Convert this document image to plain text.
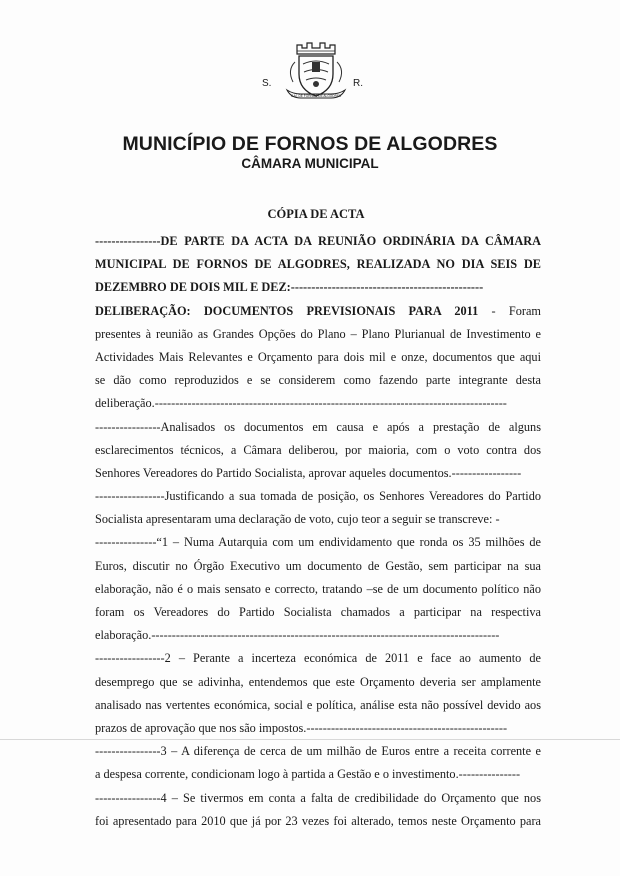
C.M. DE FORNOS DE ALGODRES
S.	R.
MUNICÍPIO DE FORNOS DE ALGODRES
CÂMARA MUNICIPAL
CÓPIA DE ACTA
----------------DE PARTE DA ACTA DA REUNIÃO ORDINÁRIA DA CÂMARA
MUNICIPAL DE FORNOS DE ALGODRES, REALIZADA NO DIA SEIS DE
DEZEMBRO DE DOIS MIL E DEZ:-----------------------------------------------
DELIBERAÇÃO: DOCUMENTOS PREVISIONAIS PARA 2011 - Foram
presentes à reunião as Grandes Opções do Plano – Plano Plurianual de Investimento e
Actividades Mais Relevantes e Orçamento para dois mil e onze, documentos que aqui
se dão como reproduzidos e se considerem como fazendo parte integrante desta
deliberação.--------------------------------------------------------------------------------------
----------------Analisados os documentos em causa e após a prestação de alguns
esclarecimentos técnicos, a Câmara deliberou, por maioria, com o voto contra dos
Senhores Vereadores do Partido Socialista, aprovar aqueles documentos.-----------------
-----------------Justificando a sua tomada de posição, os Senhores Vereadores do Partido
Socialista apresentaram uma declaração de voto, cujo teor a seguir se transcreve: -
---------------“1 – Numa Autarquia com um endividamento que ronda os 35 milhões de
Euros, discutir no Órgão Executivo um documento de Gestão, sem participar na sua
elaboração, não é o mais sensato e correcto, tratando –se de um documento político não
foram os Vereadores do Partido Socialista chamados a participar na respectiva
elaboração.-------------------------------------------------------------------------------------
-----------------2 – Perante a incerteza económica de 2011 e face ao aumento de
desemprego que se adivinha, entendemos que este Orçamento deveria ser amplamente
analisado nas vertentes económica, social e política, análise esta não possível devido aos
prazos de aprovação que nos são impostos.-------------------------------------------------
----------------3 – A diferença de cerca de um milhão de Euros entre a receita corrente e
a despesa corrente, condicionam logo à partida a Gestão e o investimento.---------------
----------------4 – Se tivermos em conta a falta de credibilidade do Orçamento que nos
foi apresentado para 2010 que já por 23 vezes foi alterado, temos neste Orçamento para
